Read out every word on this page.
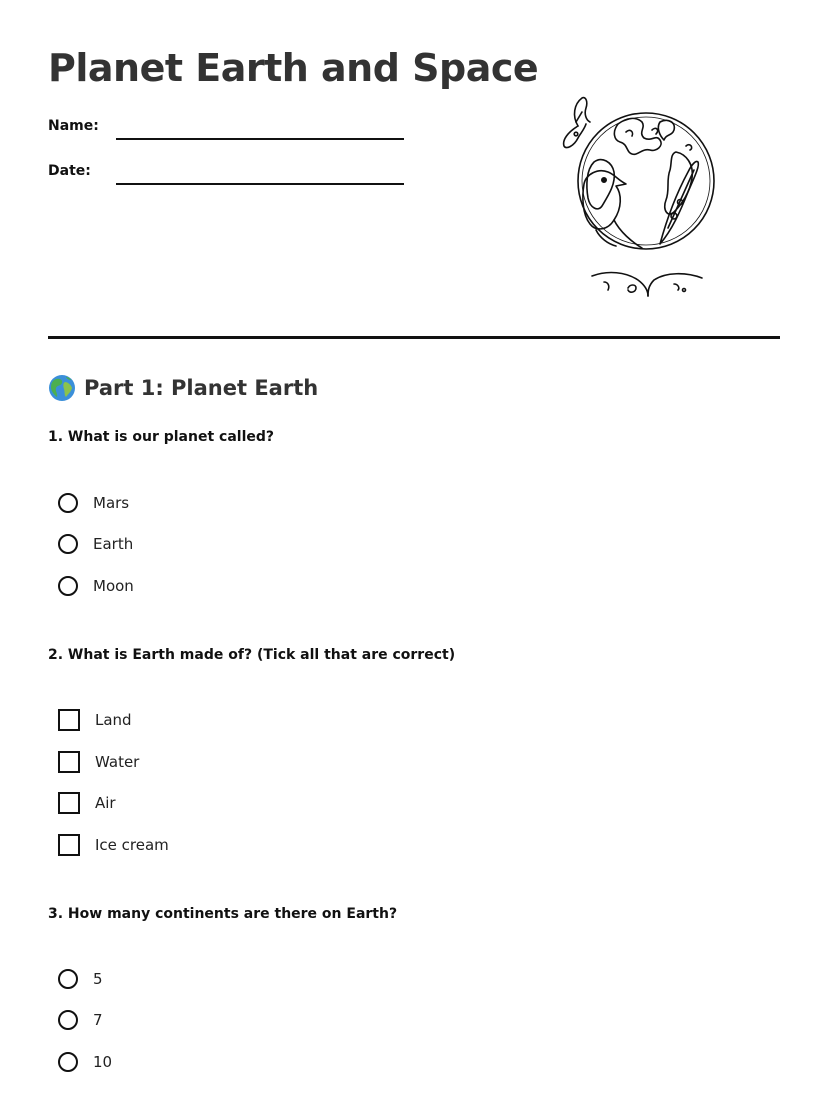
Planet Earth and Space
Name:
Date:
Part 1: Planet Earth
1. What is our planet called?
Mars
Earth
Moon
2. What is Earth made of? (Tick all that are correct)
Land
Water
Air
Ice cream
3. How many continents are there on Earth?
5
7
10
